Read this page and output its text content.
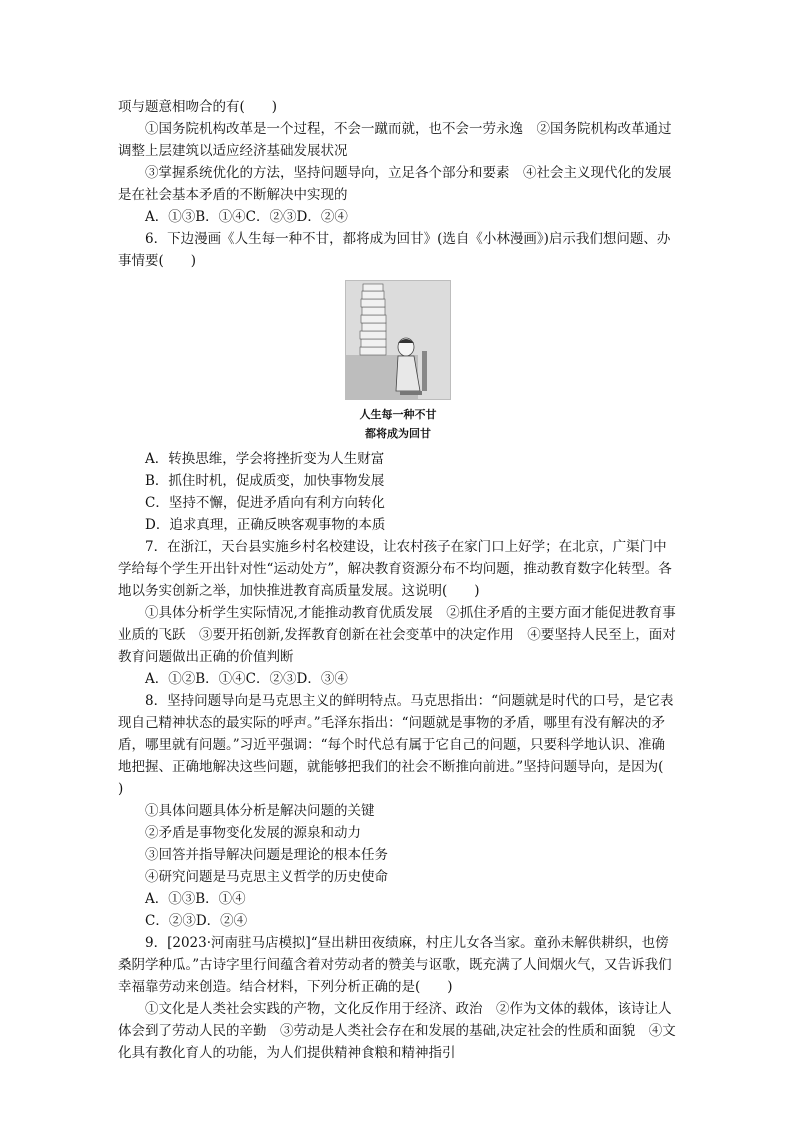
项与题意相吻合的有(　　)

①国务院机构改革是一个过程，不会一蹴而就，也不会一劳永逸　②国务院机构改革通过调整上层建筑以适应经济基础发展状况

③掌握系统优化的方法，坚持问题导向，立足各个部分和要素　④社会主义现代化的发展是在社会基本矛盾的不断解决中实现的

A．①③B．①④C．②③D．②④

6．下边漫画《人生每一种不甘，都将成为回甘》(选自《小林漫画》)启示我们想问题、办事情要(　　)

人生每一种不甘

都将成为回甘

A．转换思维，学会将挫折变为人生财富

B．抓住时机，促成质变，加快事物发展

C．坚持不懈，促进矛盾向有利方向转化

D．追求真理，正确反映客观事物的本质

7．在浙江，天台县实施乡村名校建设，让农村孩子在家门口上好学；在北京，广渠门中学给每个学生开出针对性“运动处方”，解决教育资源分布不均问题，推动教育数字化转型。各地以务实创新之举，加快推进教育高质量发展。这说明(　　)

①具体分析学生实际情况,才能推动教育优质发展　②抓住矛盾的主要方面才能促进教育事业质的飞跃　③要开拓创新,发挥教育创新在社会变革中的决定作用　④要坚持人民至上，面对教育问题做出正确的价值判断

A．①②B．①④C．②③D．③④

8．坚持问题导向是马克思主义的鲜明特点。马克思指出：“问题就是时代的口号，是它表现自己精神状态的最实际的呼声。”毛泽东指出：“问题就是事物的矛盾，哪里有没有解决的矛盾，哪里就有问题。”习近平强调：“每个时代总有属于它自己的问题，只要科学地认识、准确地把握、正确地解决这些问题，就能够把我们的社会不断推向前进。”坚持问题导向，是因为(　　)

①具体问题具体分析是解决问题的关键

②矛盾是事物变化发展的源泉和动力

③回答并指导解决问题是理论的根本任务

④研究问题是马克思主义哲学的历史使命

A．①③B．①④

C．②③D．②④

9．[2023·河南驻马店模拟]“昼出耕田夜绩麻，村庄儿女各当家。童孙未解供耕织，也傍桑阴学种瓜。”古诗字里行间蕴含着对劳动者的赞美与讴歌，既充满了人间烟火气，又告诉我们幸福靠劳动来创造。结合材料，下列分析正确的是(　　)

①文化是人类社会实践的产物，文化反作用于经济、政治　②作为文体的载体，该诗让人体会到了劳动人民的辛勤　③劳动是人类社会存在和发展的基础,决定社会的性质和面貌　④文化具有教化育人的功能，为人们提供精神食粮和精神指引
